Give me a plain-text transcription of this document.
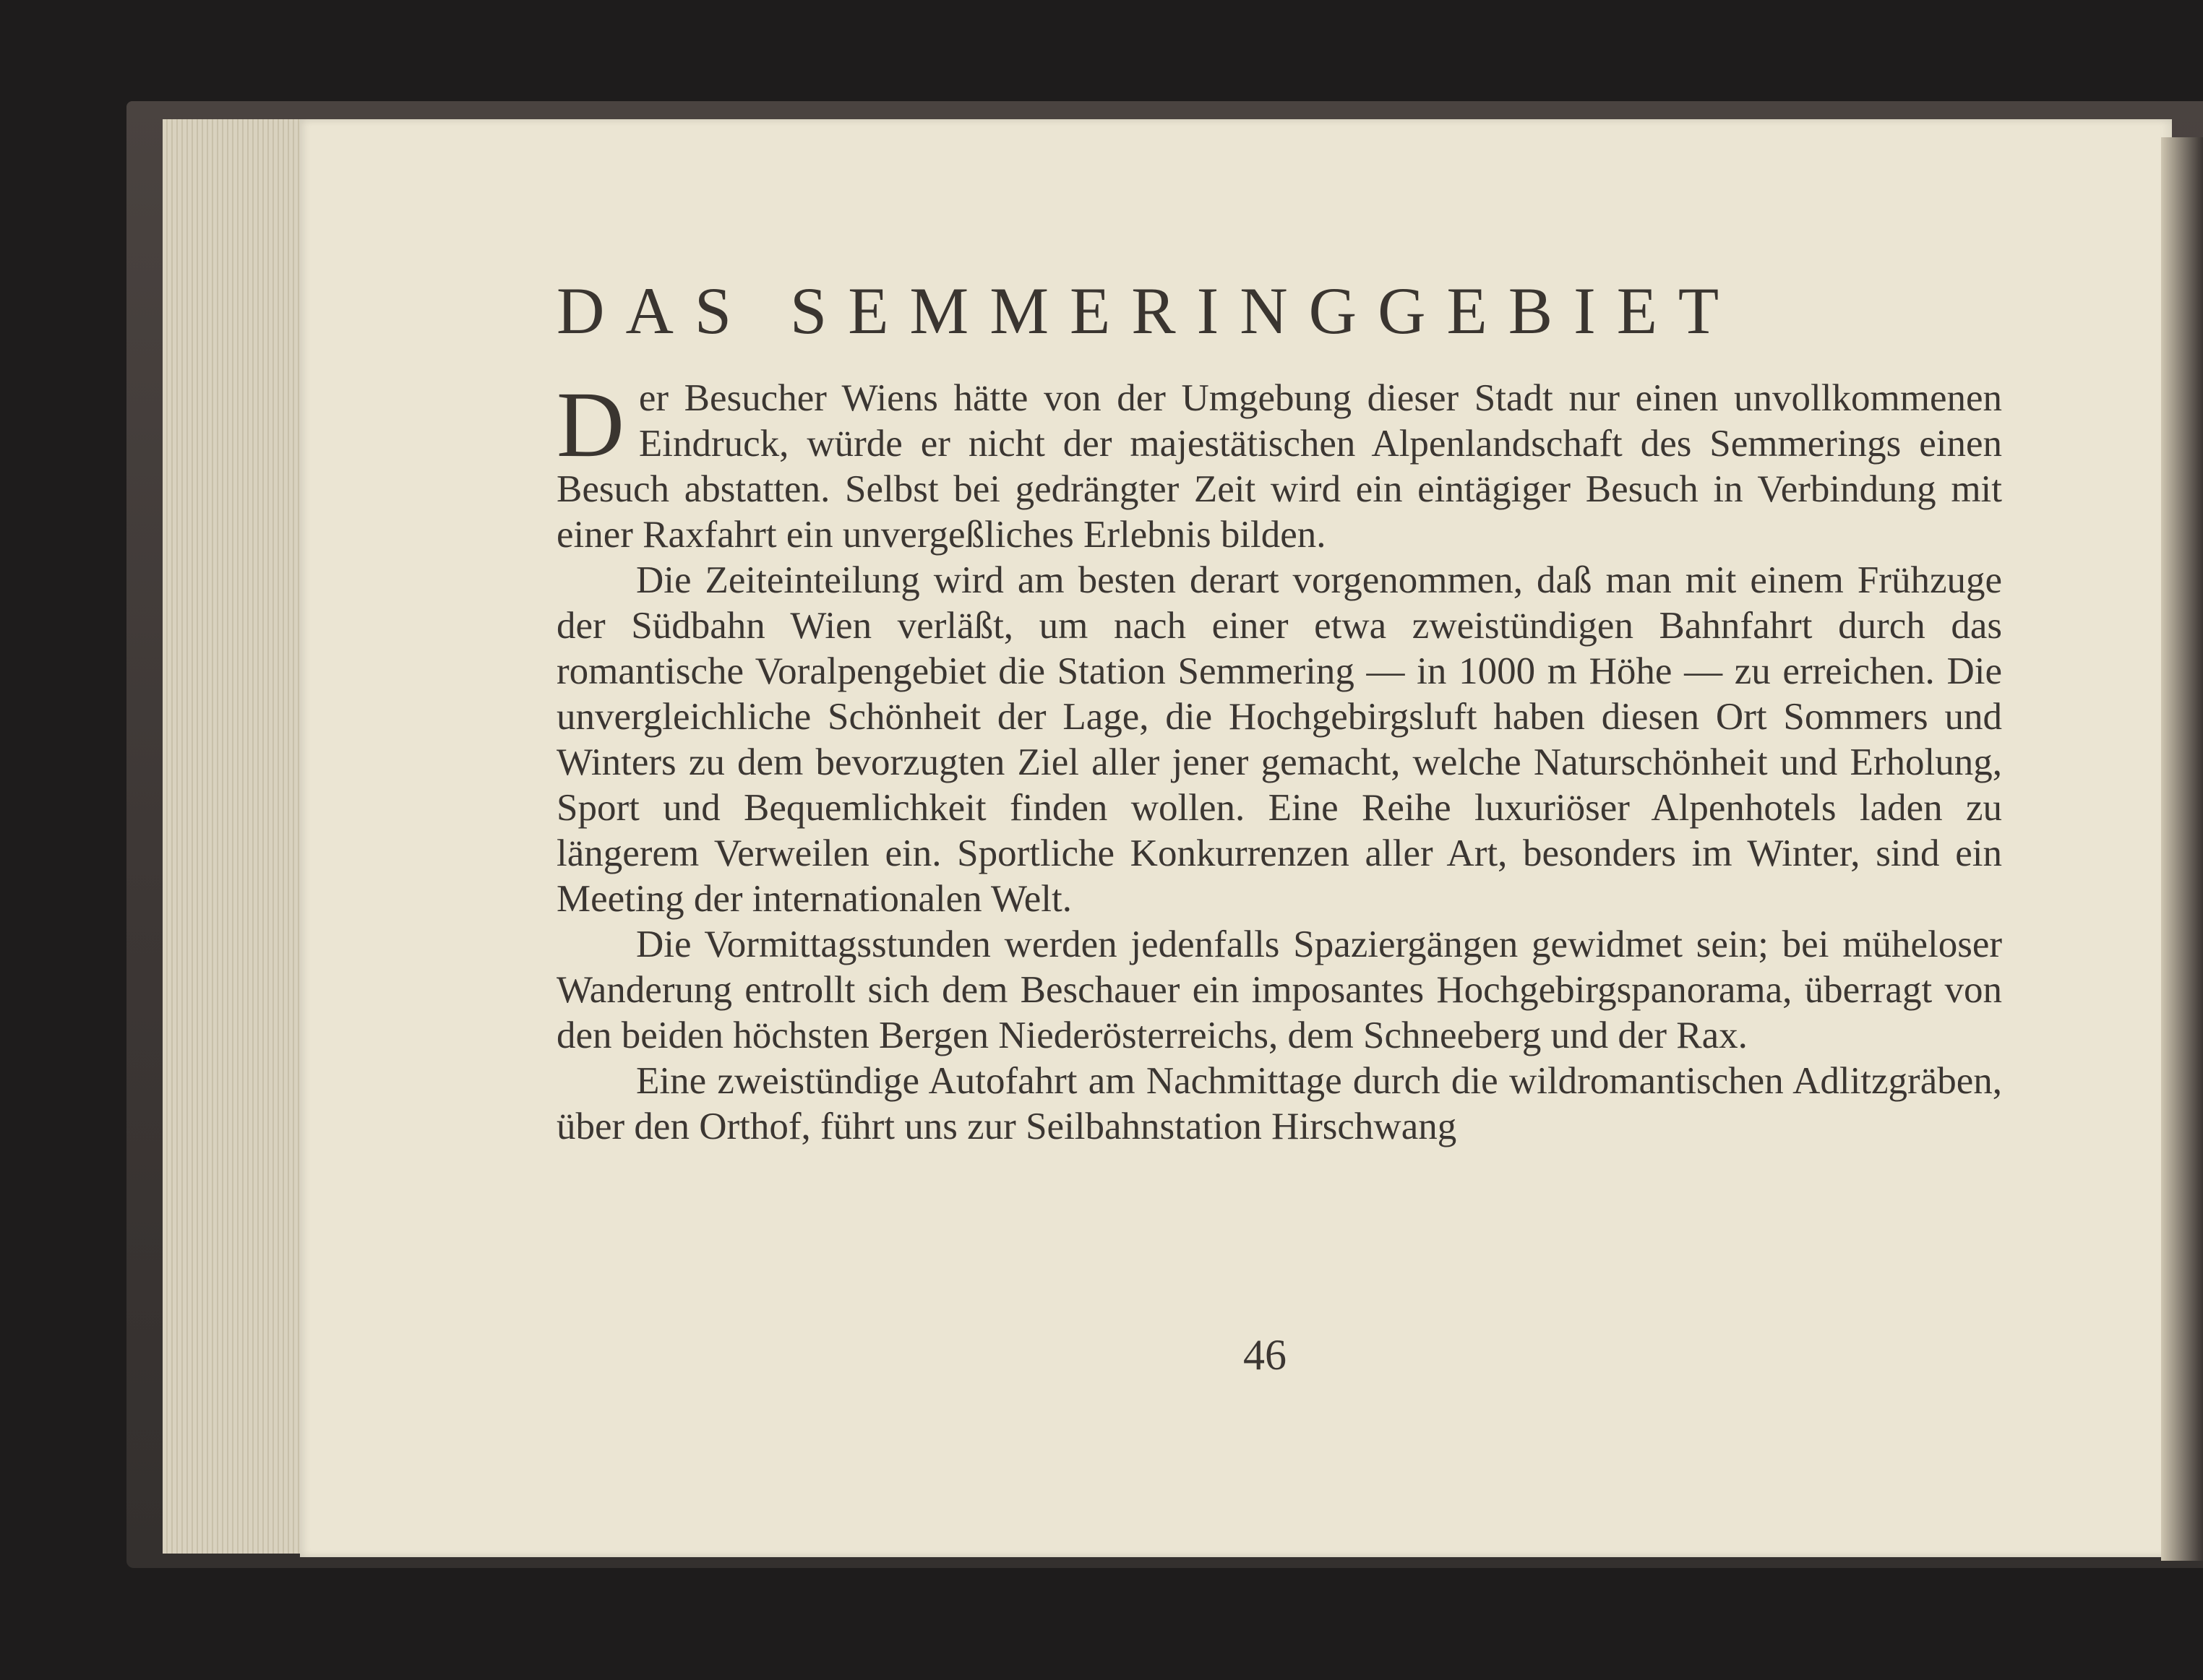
DAS SEMMERINGGEBIET

Der Besucher Wiens hätte von der Umgebung dieser Stadt nur einen unvollkommenen Eindruck, würde er nicht der majestätischen Alpenlandschaft des Semmerings einen Besuch abstatten. Selbst bei gedrängter Zeit wird ein eintägiger Besuch in Verbindung mit einer Raxfahrt ein unvergeßliches Erlebnis bilden.

Die Zeiteinteilung wird am besten derart vorgenommen, daß man mit einem Frühzuge der Südbahn Wien verläßt, um nach einer etwa zweistündigen Bahnfahrt durch das romantische Voralpengebiet die Station Semmering — in 1000 m Höhe — zu erreichen. Die unvergleichliche Schönheit der Lage, die Hochgebirgsluft haben diesen Ort Sommers und Winters zu dem bevorzugten Ziel aller jener gemacht, welche Naturschönheit und Erholung, Sport und Bequemlichkeit finden wollen. Eine Reihe luxuriöser Alpenhotels laden zu längerem Verweilen ein. Sportliche Konkurrenzen aller Art, besonders im Winter, sind ein Meeting der internationalen Welt.

Die Vormittagsstunden werden jedenfalls Spaziergängen gewidmet sein; bei müheloser Wanderung entrollt sich dem Beschauer ein imposantes Hochgebirgspanorama, überragt von den beiden höchsten Bergen Niederösterreichs, dem Schneeberg und der Rax.

Eine zweistündige Autofahrt am Nachmittage durch die wildromantischen Adlitzgräben, über den Orthof, führt uns zur Seilbahnstation Hirschwang

46
